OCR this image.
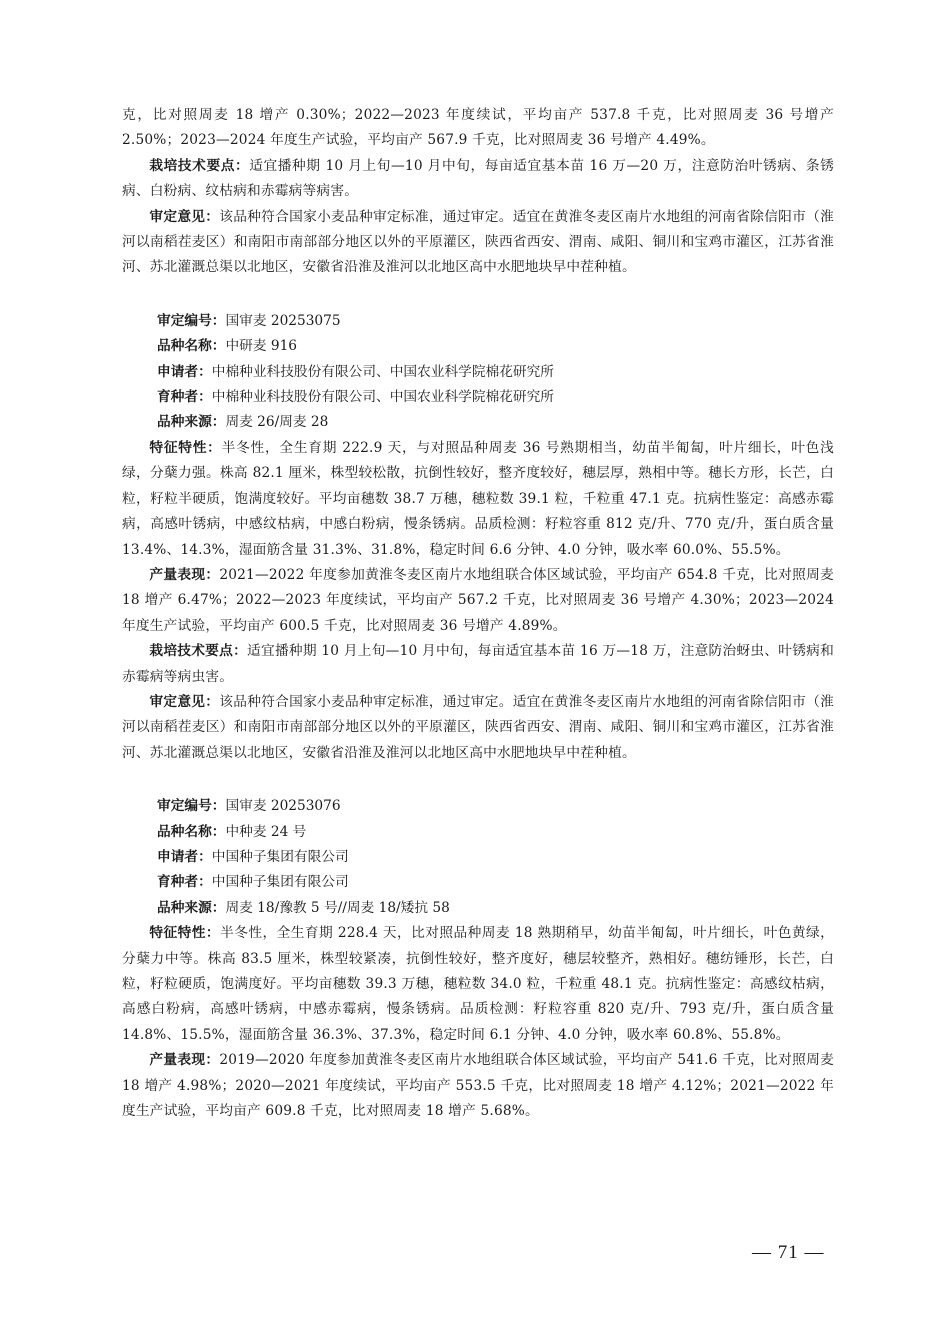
克，比对照周麦 18 增产 0.30%；2022—2023 年度续试，平均亩产 537.8 千克，比对照周麦 36 号增产 2.50%；2023—2024 年度生产试验，平均亩产 567.9 千克，比对照周麦 36 号增产 4.49%。

栽培技术要点：适宜播种期 10 月上旬—10 月中旬，每亩适宜基本苗 16 万—20 万，注意防治叶锈病、条锈病、白粉病、纹枯病和赤霉病等病害。

审定意见：该品种符合国家小麦品种审定标准，通过审定。适宜在黄淮冬麦区南片水地组的河南省除信阳市（淮河以南稻茬麦区）和南阳市南部部分地区以外的平原灌区，陕西省西安、渭南、咸阳、铜川和宝鸡市灌区，江苏省淮河、苏北灌溉总渠以北地区，安徽省沿淮及淮河以北地区高中水肥地块早中茬种植。

审定编号：国审麦 20253075

品种名称：中研麦 916

申请者：中棉种业科技股份有限公司、中国农业科学院棉花研究所

育种者：中棉种业科技股份有限公司、中国农业科学院棉花研究所

品种来源：周麦 26/周麦 28

特征特性：半冬性，全生育期 222.9 天，与对照品种周麦 36 号熟期相当，幼苗半匍匐，叶片细长，叶色浅绿，分蘖力强。株高 82.1 厘米，株型较松散，抗倒性较好，整齐度较好，穗层厚，熟相中等。穗长方形，长芒，白粒，籽粒半硬质，饱满度较好。平均亩穗数 38.7 万穗，穗粒数 39.1 粒，千粒重 47.1 克。抗病性鉴定：高感赤霉病，高感叶锈病，中感纹枯病，中感白粉病，慢条锈病。品质检测：籽粒容重 812 克/升、770 克/升，蛋白质含量 13.4%、14.3%，湿面筋含量 31.3%、31.8%，稳定时间 6.6 分钟、4.0 分钟，吸水率 60.0%、55.5%。

产量表现：2021—2022 年度参加黄淮冬麦区南片水地组联合体区域试验，平均亩产 654.8 千克，比对照周麦 18 增产 6.47%；2022—2023 年度续试，平均亩产 567.2 千克，比对照周麦 36 号增产 4.30%；2023—2024 年度生产试验，平均亩产 600.5 千克，比对照周麦 36 号增产 4.89%。

栽培技术要点：适宜播种期 10 月上旬—10 月中旬，每亩适宜基本苗 16 万—18 万，注意防治蚜虫、叶锈病和赤霉病等病虫害。

审定意见：该品种符合国家小麦品种审定标准，通过审定。适宜在黄淮冬麦区南片水地组的河南省除信阳市（淮河以南稻茬麦区）和南阳市南部部分地区以外的平原灌区，陕西省西安、渭南、咸阳、铜川和宝鸡市灌区，江苏省淮河、苏北灌溉总渠以北地区，安徽省沿淮及淮河以北地区高中水肥地块早中茬种植。

审定编号：国审麦 20253076

品种名称：中种麦 24 号

申请者：中国种子集团有限公司

育种者：中国种子集团有限公司

品种来源：周麦 18/豫教 5 号//周麦 18/矮抗 58

特征特性：半冬性，全生育期 228.4 天，比对照品种周麦 18 熟期稍早，幼苗半匍匐，叶片细长，叶色黄绿，分蘖力中等。株高 83.5 厘米，株型较紧凑，抗倒性较好，整齐度好，穗层较整齐，熟相好。穗纺锤形，长芒，白粒，籽粒硬质，饱满度好。平均亩穗数 39.3 万穗，穗粒数 34.0 粒，千粒重 48.1 克。抗病性鉴定：高感纹枯病，高感白粉病，高感叶锈病，中感赤霉病，慢条锈病。品质检测：籽粒容重 820 克/升、793 克/升，蛋白质含量 14.8%、15.5%，湿面筋含量 36.3%、37.3%，稳定时间 6.1 分钟、4.0 分钟，吸水率 60.8%、55.8%。

产量表现：2019—2020 年度参加黄淮冬麦区南片水地组联合体区域试验，平均亩产 541.6 千克，比对照周麦 18 增产 4.98%；2020—2021 年度续试，平均亩产 553.5 千克，比对照周麦 18 增产 4.12%；2021—2022 年度生产试验，平均亩产 609.8 千克，比对照周麦 18 增产 5.68%。

— 71 —
